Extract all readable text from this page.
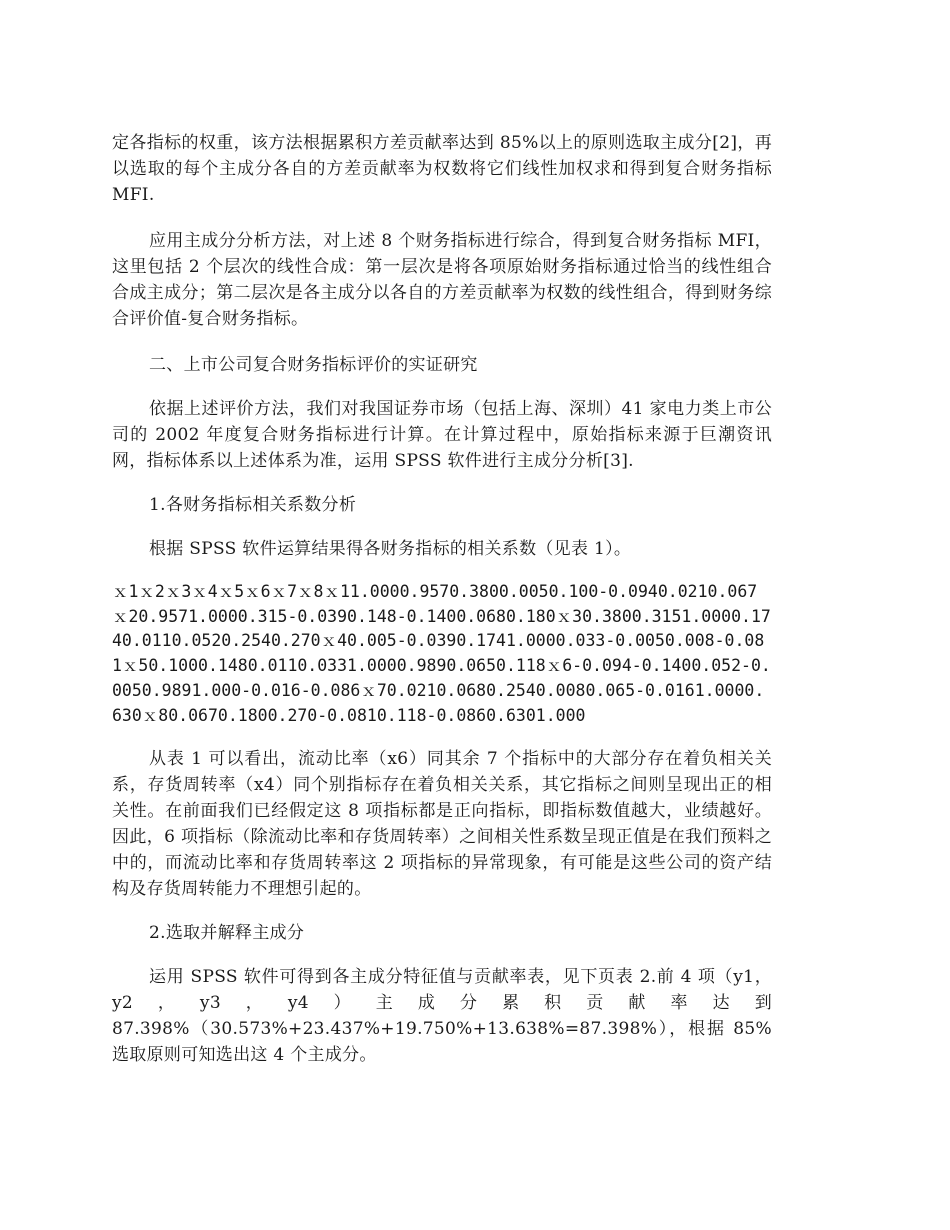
定各指标的权重，该方法根据累积方差贡献率达到 85%以上的原则选取主成分[2]，再以选取的每个主成分各自的方差贡献率为权数将它们线性加权求和得到复合财务指标 MFI.

应用主成分分析方法，对上述 8 个财务指标进行综合，得到复合财务指标 MFI，这里包括 2 个层次的线性合成：第一层次是将各项原始财务指标通过恰当的线性组合合成主成分；第二层次是各主成分以各自的方差贡献率为权数的线性组合，得到财务综合评价值-复合财务指标。

二、上市公司复合财务指标评价的实证研究

依据上述评价方法，我们对我国证券市场（包括上海、深圳）41 家电力类上市公司的 2002 年度复合财务指标进行计算。在计算过程中，原始指标来源于巨潮资讯网，指标体系以上述体系为准，运用 SPSS 软件进行主成分分析[3].

1.各财务指标相关系数分析

根据 SPSS 软件运算结果得各财务指标的相关系数（见表 1）。

ｘ1ｘ2ｘ3ｘ4ｘ5ｘ6ｘ7ｘ8ｘ11.0000.9570.3800.0050.100-0.0940.0210.067ｘ20.9571.0000.315-0.0390.148-0.1400.0680.180ｘ30.3800.3151.0000.1740.0110.0520.2540.270ｘ40.005-0.0390.1741.0000.033-0.0050.008-0.081ｘ50.1000.1480.0110.0331.0000.9890.0650.118ｘ6-0.094-0.1400.052-0.0050.9891.000-0.016-0.086ｘ70.0210.0680.2540.0080.065-0.0161.0000.630ｘ80.0670.1800.270-0.0810.118-0.0860.6301.000

从表 1 可以看出，流动比率（x6）同其余 7 个指标中的大部分存在着负相关关系，存货周转率（x4）同个别指标存在着负相关关系，其它指标之间则呈现出正的相关性。在前面我们已经假定这 8 项指标都是正向指标，即指标数值越大，业绩越好。因此，6 项指标（除流动比率和存货周转率）之间相关性系数呈现正值是在我们预料之中的，而流动比率和存货周转率这 2 项指标的异常现象，有可能是这些公司的资产结构及存货周转能力不理想引起的。

2.选取并解释主成分

运用 SPSS 软件可得到各主成分特征值与贡献率表，见下页表 2.前 4 项（y1，y2，y3，y4）主成分累积贡献率达到 87.398%（30.573%+23.437%+19.750%+13.638%=87.398%），根据 85%选取原则可知选出这 4 个主成分。
